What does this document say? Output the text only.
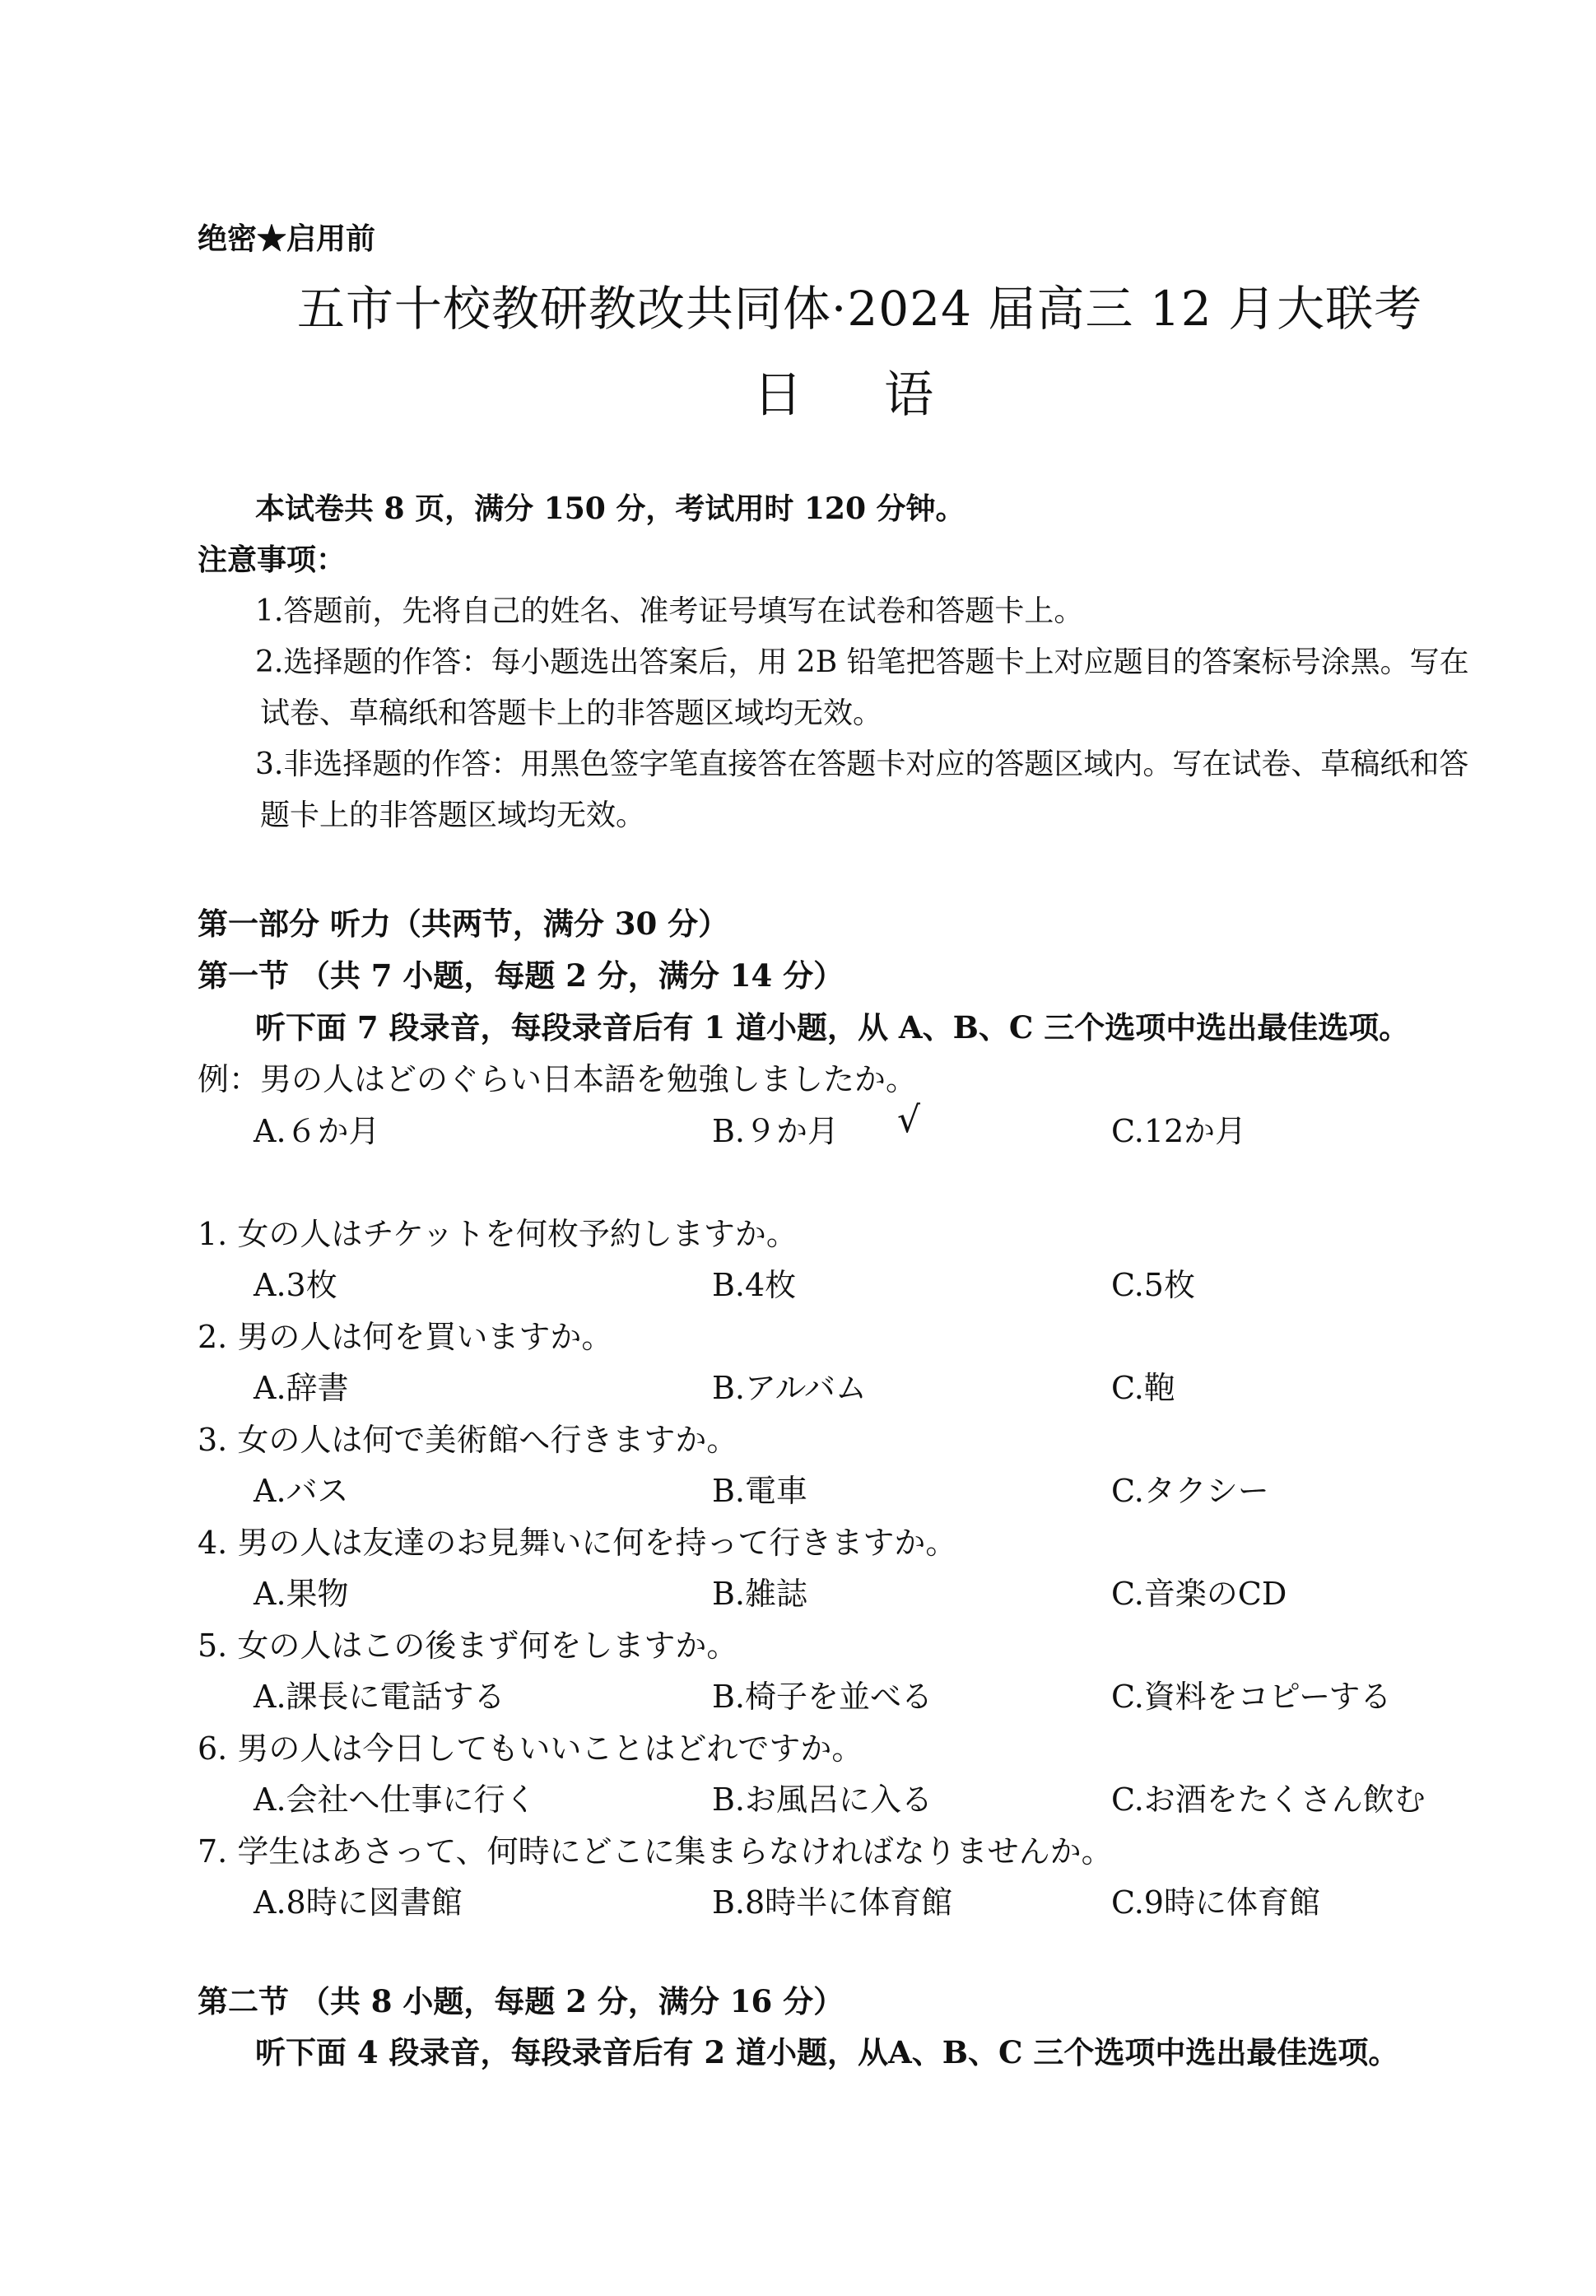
绝密★启用前
五市十校教研教改共同体·2024 届高三 12 月大联考
日 语
本试卷共 8 页，满分 150 分，考试用时 120 分钟。
注意事项：
1.答题前，先将自己的姓名、准考证号填写在试卷和答题卡上。
2.选择题的作答：每小题选出答案后，用 2B 铅笔把答题卡上对应题目的答案标号涂黑。写在
试卷、草稿纸和答题卡上的非答题区域均无效。
3.非选择题的作答：用黑色签字笔直接答在答题卡对应的答题区域内。写在试卷、草稿纸和答
题卡上的非答题区域均无效。
第一部分 听力（共两节，满分 30 分）
第一节 （共 7 小题，每题 2 分，满分 14 分）
听下面 7 段录音，每段录音后有 1 道小题，从 A、B、C 三个选项中选出最佳选项。
例：男の人はどのぐらい日本語を勉強しましたか。
A.６か月	B.９か月 √	C.12か月
1. 女の人はチケットを何枚予約しますか。
A.3枚	B.4枚	C.5枚
2. 男の人は何を買いますか。
A.辞書	B.アルバム	C.鞄
3. 女の人は何で美術館へ行きますか。
A.バス	B.電車	C.タクシー
4. 男の人は友達のお見舞いに何を持って行きますか。
A.果物	B.雑誌	C.音楽のCD
5. 女の人はこの後まず何をしますか。
A.課長に電話する	B.椅子を並べる	C.資料をコピーする
6. 男の人は今日してもいいことはどれですか。
A.会社へ仕事に行く	B.お風呂に入る	C.お酒をたくさん飲む
7. 学生はあさって、何時にどこに集まらなければなりませんか。
A.8時に図書館	B.8時半に体育館	C.9時に体育館
第二节 （共 8 小题，每题 2 分，满分 16 分）
听下面 4 段录音，每段录音后有 2 道小题，从A、B、C 三个选项中选出最佳选项。
